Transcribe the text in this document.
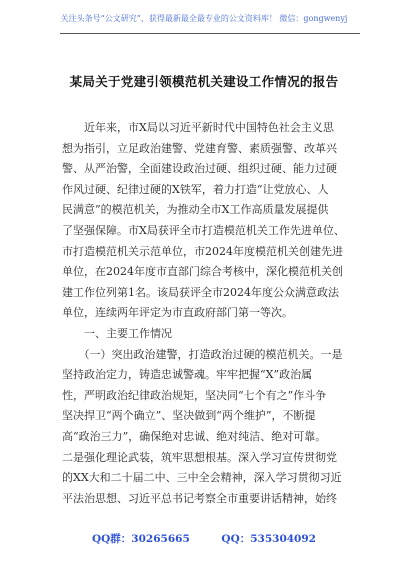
关注头条号“公文研究”，获得最新最全最专业的公文资料库！ 微信：gongwenyj
某局关于党建引领模范机关建设工作情况的报告
　　近年来，市Ⅹ局以习近平新时代中国特色社会主义思
想为指引，立足政治建警、党建育警、素质强警、改革兴
警、从严治警，全面建设政治过硬、组织过硬、能力过硬
作风过硬、纪律过硬的Ⅹ铁军，着力打造“让党放心、人
民满意”的模范机关，为推动全市Ⅹ工作高质量发展提供
了坚强保障。市Ⅹ局获评全市打造模范机关工作先进单位、
市打造模范机关示范单位，市2024年度模范机关创建先进
单位，在2024年度市直部门综合考核中，深化模范机关创
建工作位列第1名。该局获评全市2024年度公众满意政法
单位，连续两年评定为市直政府部门第一等次。
　　一、主要工作情况
　　（一）突出政治建警，打造政治过硬的模范机关。一是
坚持政治定力，铸造忠诚警魂。牢牢把握“Ⅹ”政治属
性，严明政治纪律政治规矩，坚决同“七个有之”作斗争
坚决捍卫“两个确立”、坚决做到“两个维护”，不断提
高“政治三力”，确保绝对忠诚、绝对纯洁、绝对可靠。
二是强化理论武装，筑牢思想根基。深入学习宣传贯彻党
的ⅩⅩ大和二十届二中、三中全会精神，深入学习贯彻习近
平法治思想、习近平总书记考察全市重要讲话精神，始终
QQ群：30265665	QQ：535304092
